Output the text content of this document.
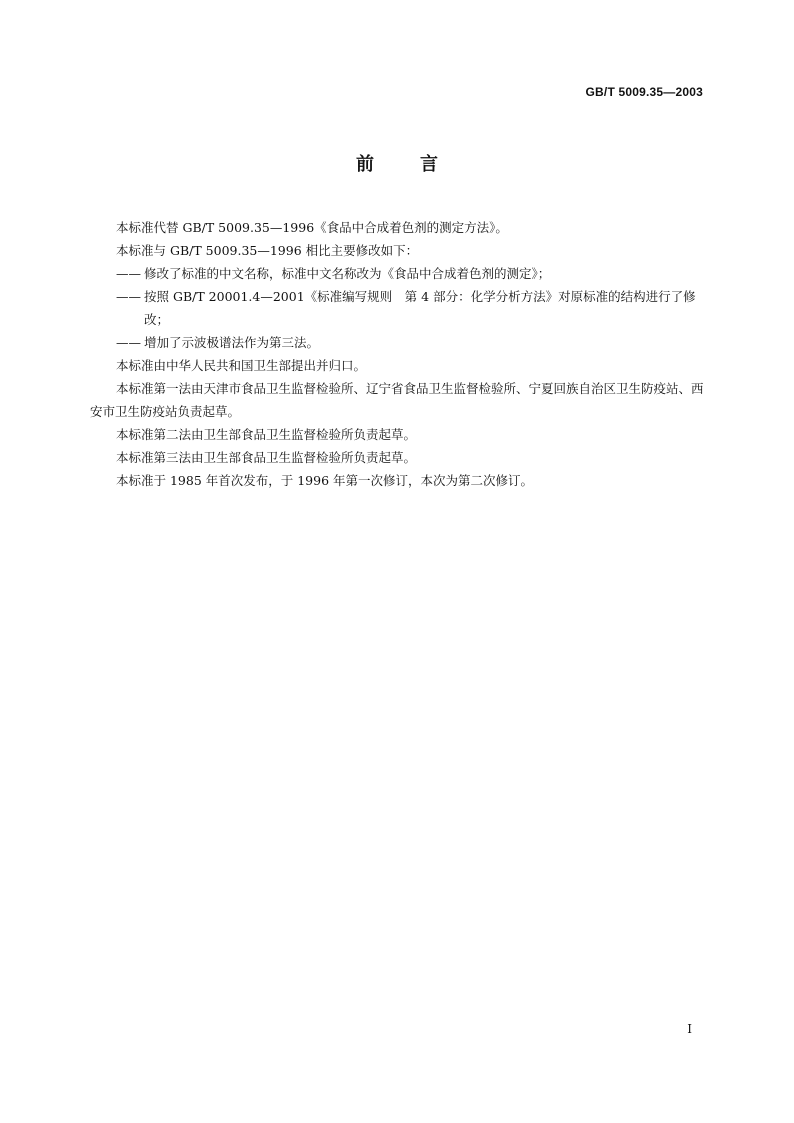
GB/T 5009.35—2003
前	言

本标准代替 GB/T 5009.35—1996《食品中合成着色剂的测定方法》。

本标准与 GB/T 5009.35—1996 相比主要修改如下：

—— 修改了标准的中文名称，标准中文名称改为《食品中合成着色剂的测定》；

—— 按照 GB/T 20001.4—2001《标准编写规则　第 4 部分：化学分析方法》对原标准的结构进行了修改；

—— 增加了示波极谱法作为第三法。

本标准由中华人民共和国卫生部提出并归口。

本标准第一法由天津市食品卫生监督检验所、辽宁省食品卫生监督检验所、宁夏回族自治区卫生防疫站、西安市卫生防疫站负责起草。

本标准第二法由卫生部食品卫生监督检验所负责起草。

本标准第三法由卫生部食品卫生监督检验所负责起草。

本标准于 1985 年首次发布，于 1996 年第一次修订，本次为第二次修订。

I
